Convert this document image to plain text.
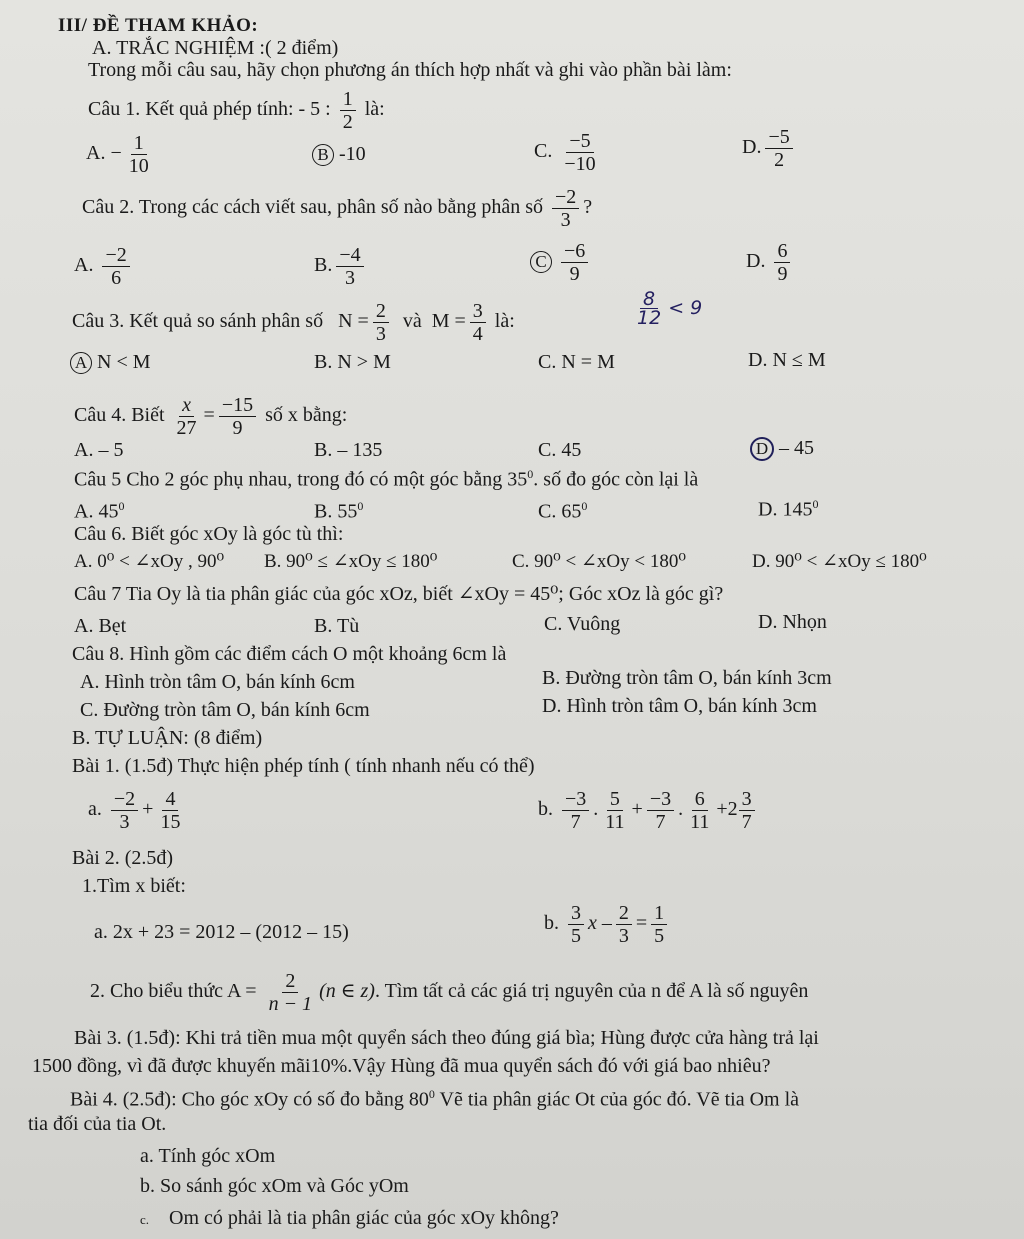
III/ ĐỀ THAM KHẢO:
A. TRẮC NGHIỆM :( 2 điểm)
Trong mỗi câu sau, hãy chọn phương án thích hợp nhất và ghi vào phần bài làm:
Câu 1. Kết quả phép tính: - 5 : $\frac{1}{2}$ là:
A. − $\frac{1}{10}$	B -10	C. $\frac{-5}{-10}$	D. $\frac{-5}{2}$
Câu 2. Trong các cách viết sau, phân số nào bằng phân số $\frac{-2}{3}$ ?
A. $\frac{-2}{6}$	B. $\frac{-4}{3}$	C $\frac{-6}{9}$	D. $\frac{6}{9}$
Câu 3. Kết quả so sánh phân số $N = \frac{2}{3}$ và $M = \frac{3}{4}$ là:	$\frac{8}{12} < 9$
A N < M	B. N > M	C. N = M	D. N ≤ M
Câu 4. Biết $\frac{x}{27} = \frac{-15}{9}$ số x bằng:
A. – 5	B. – 135	C. 45	D – 45
Câu 5 Cho 2 góc phụ nhau, trong đó có một góc bằng $35^0$. số đo góc còn lại là
A. $45^0$	B. $55^0$	C. $65^0$	D. $145^0$
Câu 6. Biết góc xOy là góc tù thì:
A. 0⁰ < ∠xOy , 90⁰ B. 90⁰ ≤ ∠xOy ≤ 180⁰	C. 90⁰ < ∠xOy < 180⁰	D. 90⁰ < ∠xOy ≤ 180⁰
Câu 7 Tia Oy là tia phân giác của góc xOz, biết ∠xOy = 45⁰; Góc xOz là góc gì?
A. Bẹt	B. Tù	C. Vuông	D. Nhọn
Câu 8. Hình gồm các điểm cách O một khoảng 6cm là
A. Hình tròn tâm O, bán kính 6cm	B. Đường tròn tâm O, bán kính 3cm
C. Đường tròn tâm O, bán kính 6cm	D. Hình tròn tâm O, bán kính 3cm
B. TỰ LUẬN: (8 điểm)
Bài 1. (1.5đ) Thực hiện phép tính ( tính nhanh nếu có thể)
a. $\frac{-2}{3} + \frac{4}{15}$	b. $\frac{-3}{7}$ . $\frac{5}{11} + \frac{-3}{7}$ . $\frac{6}{11} +2 \frac{3}{7}$
Bài 2. (2.5đ)
1.Tìm x biết:
a. 2x + 23 = 2012 – (2012 – 15)	b. $\frac{3}{5}$ $x - \frac{2}{3} = \frac{1}{5}$
2. Cho biểu thức $A = \frac{2}{n - 1} (n$ ∈ z). Tìm tất cả các giá trị nguyên của n để A là số nguyên
Bài 3. (1.5đ): Khi trả tiền mua một quyển sách theo đúng giá bìa; Hùng được cửa hàng trả lại
1500 đồng, vì đã được khuyến mãi10%.Vậy Hùng đã mua quyển sách đó với giá bao nhiêu?
Bài 4. (2.5đ): Cho góc xOy có số đo bằng $80^0$ Vẽ tia phân giác Ot của góc đó. Vẽ tia Om là
tia đối của tia Ot.
a. Tính góc xOm
b. So sánh góc xOm và Góc yOm
c. Om có phải là tia phân giác của góc xOy không?
